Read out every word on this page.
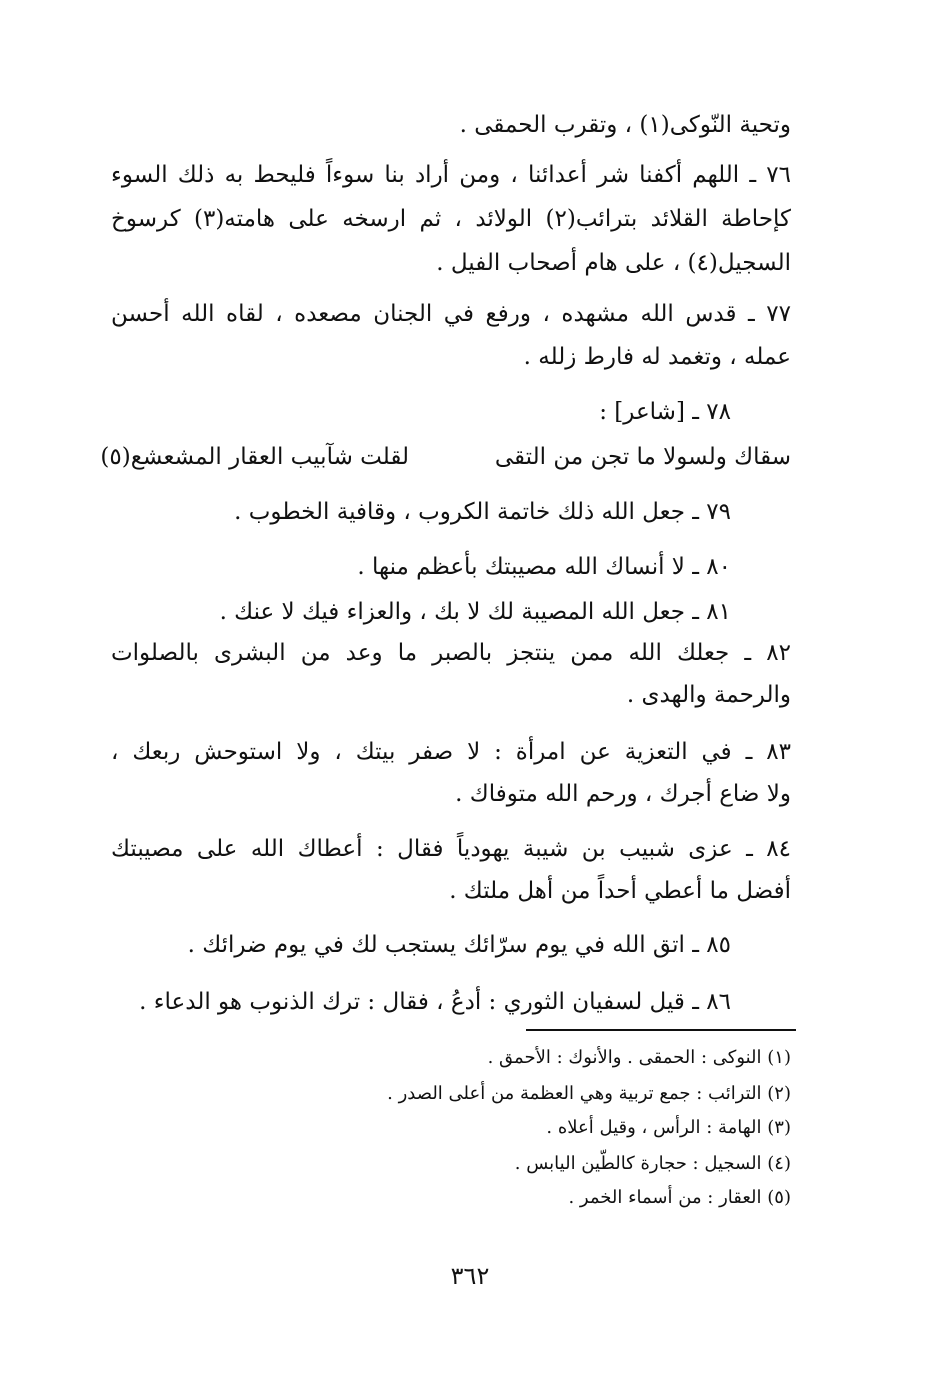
وتحية النّوكى(١) ، وتقرب الحمقى .

٧٦ ـ اللهم أكفنا شر أعدائنا ، ومن أراد بنا سوءاً فليحط به ذلك السوء

كإحاطة القلائد بترائب(٢) الولائد ، ثم ارسخه على هامته(٣) كرسوخ

السجيل(٤) ، على هام أصحاب الفيل .

٧٧ ـ قدس الله مشهده ، ورفع في الجنان مصعده ، لقاه الله أحسن

عمله ، وتغمد له فارط زلله .

٧٨ ـ [شاعر] :

سقاك ولسولا ما تجن من التقى

لقلت شآبيب العقار المشعشع(٥)

٧٩ ـ جعل الله ذلك خاتمة الكروب ، وقافية الخطوب .

٨٠ ـ لا أنساك الله مصيبتك بأعظم منها .

٨١ ـ جعل الله المصيبة لك لا بك ، والعزاء فيك لا عنك .

٨٢ ـ جعلك الله ممن ينتجز بالصبر ما وعد من البشرى بالصلوات

والرحمة والهدى .

٨٣ ـ في التعزية عن امرأة : لا صفر بيتك ، ولا استوحش ربعك ،

ولا ضاع أجرك ، ورحم الله متوفاك .

٨٤ ـ عزى شبيب بن شيبة يهودياً فقال : أعطاك الله على مصيبتك

أفضل ما أعطي أحداً من أهل ملتك .

٨٥ ـ اتق الله في يوم سرّائك يستجب لك في يوم ضرائك .

٨٦ ـ قيل لسفيان الثوري : أدعُ ، فقال : ترك الذنوب هو الدعاء .

(١) النوكى : الحمقى . والأنوك : الأحمق .

(٢) الترائب : جمع تربية وهي العظمة من أعلى الصدر .

(٣) الهامة : الرأس ، وقيل أعلاه .

(٤) السجيل : حجارة كالطّين اليابس .

(٥) العقار : من أسماء الخمر .

٣٦٢
